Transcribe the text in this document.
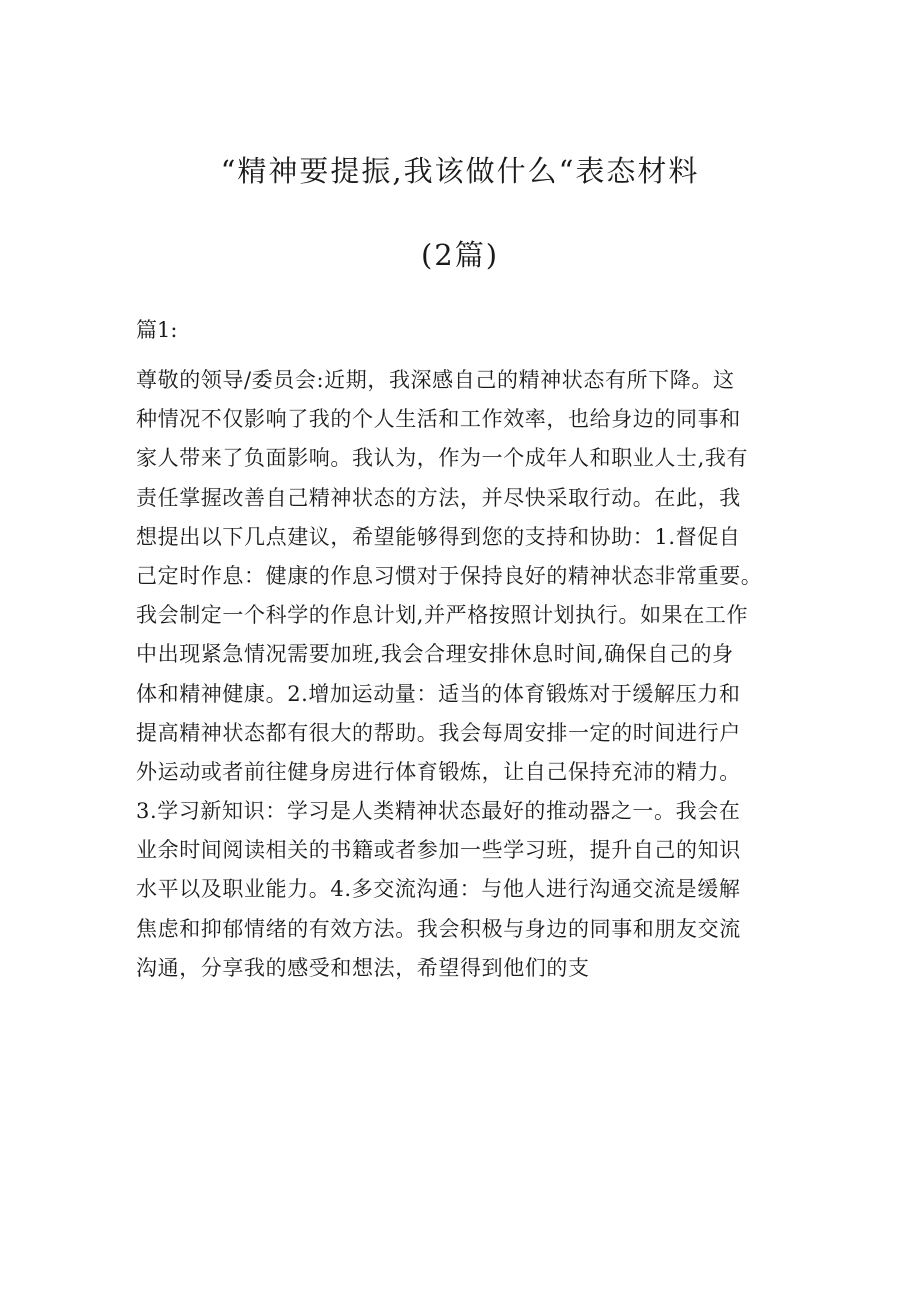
“精神要提振,我该做什么“表态材料
(2篇)
篇1:
尊敬的领导/委员会:近期，我深感自己的精神状态有所下降。这
种情况不仅影响了我的个人生活和工作效率，也给身边的同事和
家人带来了负面影响。我认为，作为一个成年人和职业人士,我有
责任掌握改善自己精神状态的方法，并尽快采取行动。在此，我
想提出以下几点建议，希望能够得到您的支持和协助：1.督促自
己定时作息：健康的作息习惯对于保持良好的精神状态非常重要。
我会制定一个科学的作息计划,并严格按照计划执行。如果在工作
中出现紧急情况需要加班,我会合理安排休息时间,确保自己的身
体和精神健康。2.增加运动量：适当的体育锻炼对于缓解压力和
提高精神状态都有很大的帮助。我会每周安排一定的时间进行户
外运动或者前往健身房进行体育锻炼，让自己保持充沛的精力。
3.学习新知识：学习是人类精神状态最好的推动器之一。我会在
业余时间阅读相关的书籍或者参加一些学习班，提升自己的知识
水平以及职业能力。4.多交流沟通：与他人进行沟通交流是缓解
焦虑和抑郁情绪的有效方法。我会积极与身边的同事和朋友交流
沟通，分享我的感受和想法，希望得到他们的支
